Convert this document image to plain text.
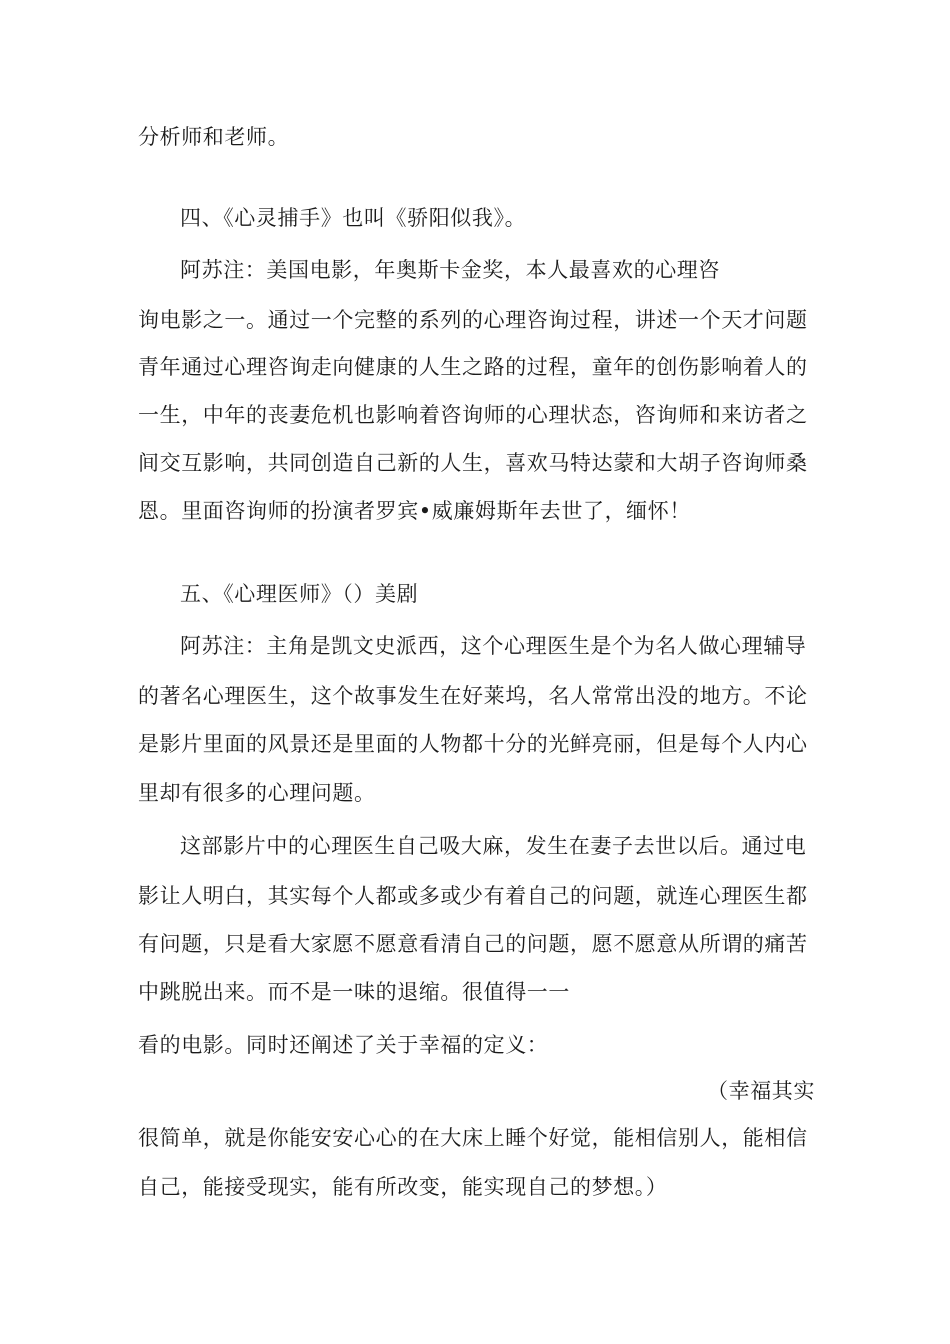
分析师和老师。
四、《心灵捕手》也叫《骄阳似我》。
阿苏注：美国电影，年奥斯卡金奖，本人最喜欢的心理咨
询电影之一。通过一个完整的系列的心理咨询过程，讲述一个天才问题
青年通过心理咨询走向健康的人生之路的过程，童年的创伤影响着人的
一生，中年的丧妻危机也影响着咨询师的心理状态，咨询师和来访者之
间交互影响，共同创造自己新的人生，喜欢马特达蒙和大胡子咨询师桑
恩。里面咨询师的扮演者罗宾•威廉姆斯年去世了，缅怀！
五、《心理医师》（）美剧
阿苏注：主角是凯文史派西，这个心理医生是个为名人做心理辅导
的著名心理医生，这个故事发生在好莱坞，名人常常出没的地方。不论
是影片里面的风景还是里面的人物都十分的光鲜亮丽，但是每个人内心
里却有很多的心理问题。
这部影片中的心理医生自己吸大麻，发生在妻子去世以后。通过电
影让人明白，其实每个人都或多或少有着自己的问题，就连心理医生都
有问题，只是看大家愿不愿意看清自己的问题，愿不愿意从所谓的痛苦
中跳脱出来。而不是一味的退缩。很值得一一
看的电影。同时还阐述了关于幸福的定义：
（幸福其实
很简单，就是你能安安心心的在大床上睡个好觉，能相信别人，能相信
自己，能接受现实，能有所改变，能实现自己的梦想。）
